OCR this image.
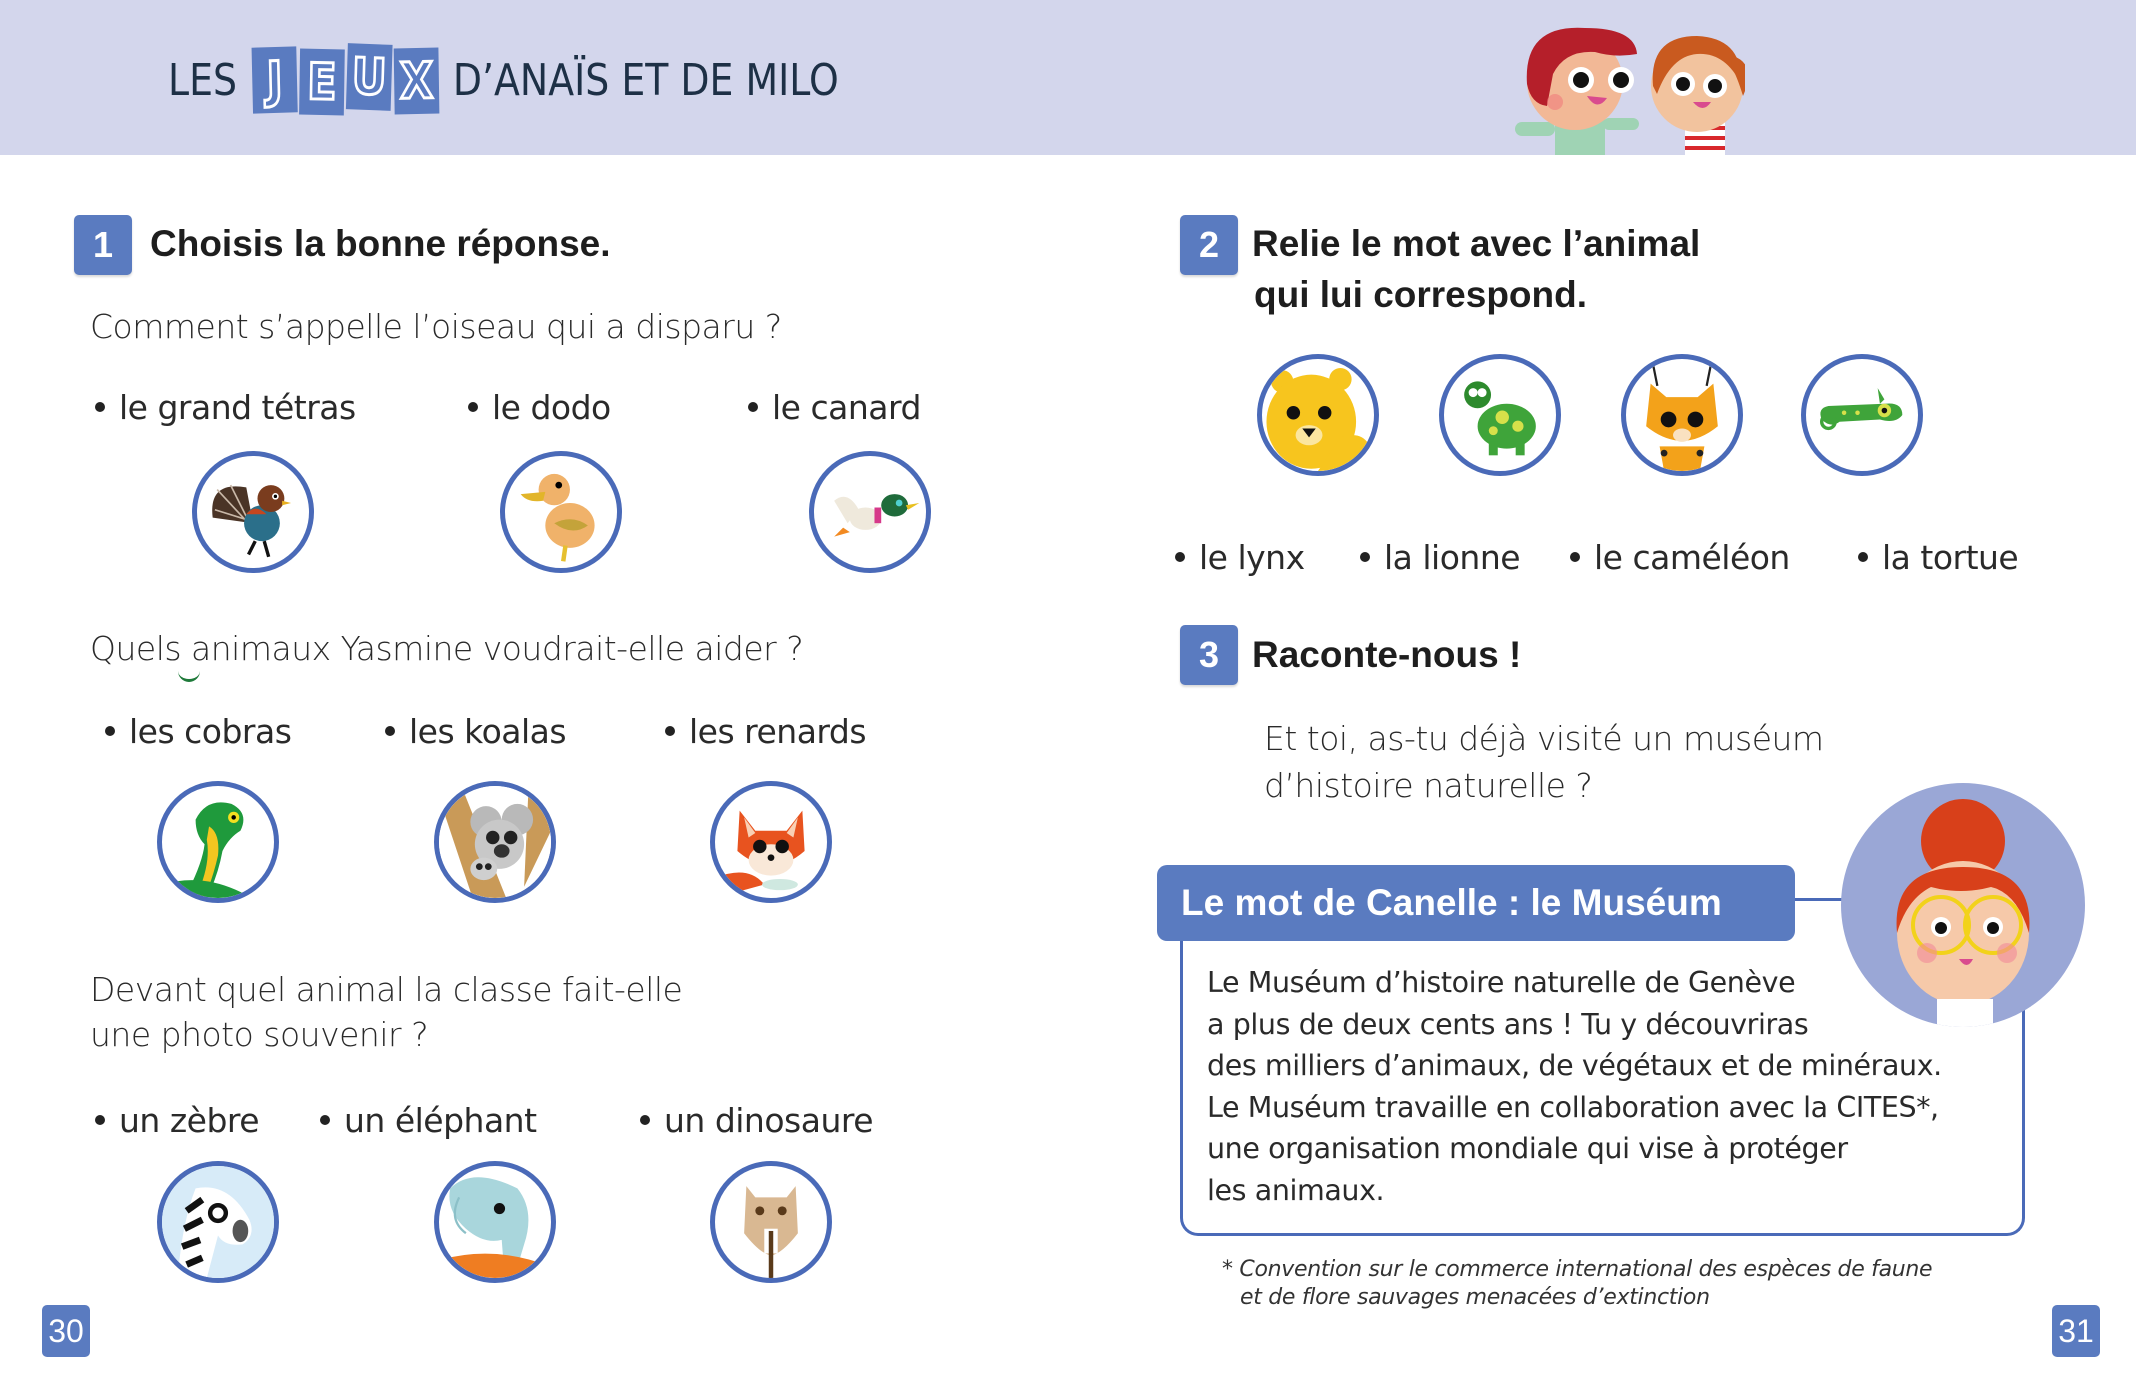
LES J E U X D’ANAÏS ET DE MILO
1 Choisis la bonne réponse.
Comment s’appelle l’oiseau qui a disparu ?
le grand tétras	le dodo	le canard
Quels animaux Yasmine voudrait-elle aider ?
les cobras	les koalas	les renards
Devant quel animal la classe fait-elle
une photo souvenir ?
un zèbre	un éléphant	un dinosaure
30
2 Relie le mot avec l’animal
qui lui correspond.
le lynx	la lionne	le caméléon	la tortue
3 Raconte-nous !
Et toi, as-tu déjà visité un muséum
d’histoire naturelle ?
Le mot de Canelle : le Muséum
Le Muséum d’histoire naturelle de Genève
a plus de deux cents ans ! Tu y découvriras
des milliers d’animaux, de végétaux et de minéraux.
Le Muséum travaille en collaboration avec la CITES*,
une organisation mondiale qui vise à protéger
les animaux.
* Convention sur le commerce international des espèces de faune
et de flore sauvages menacées d’extinction
31
